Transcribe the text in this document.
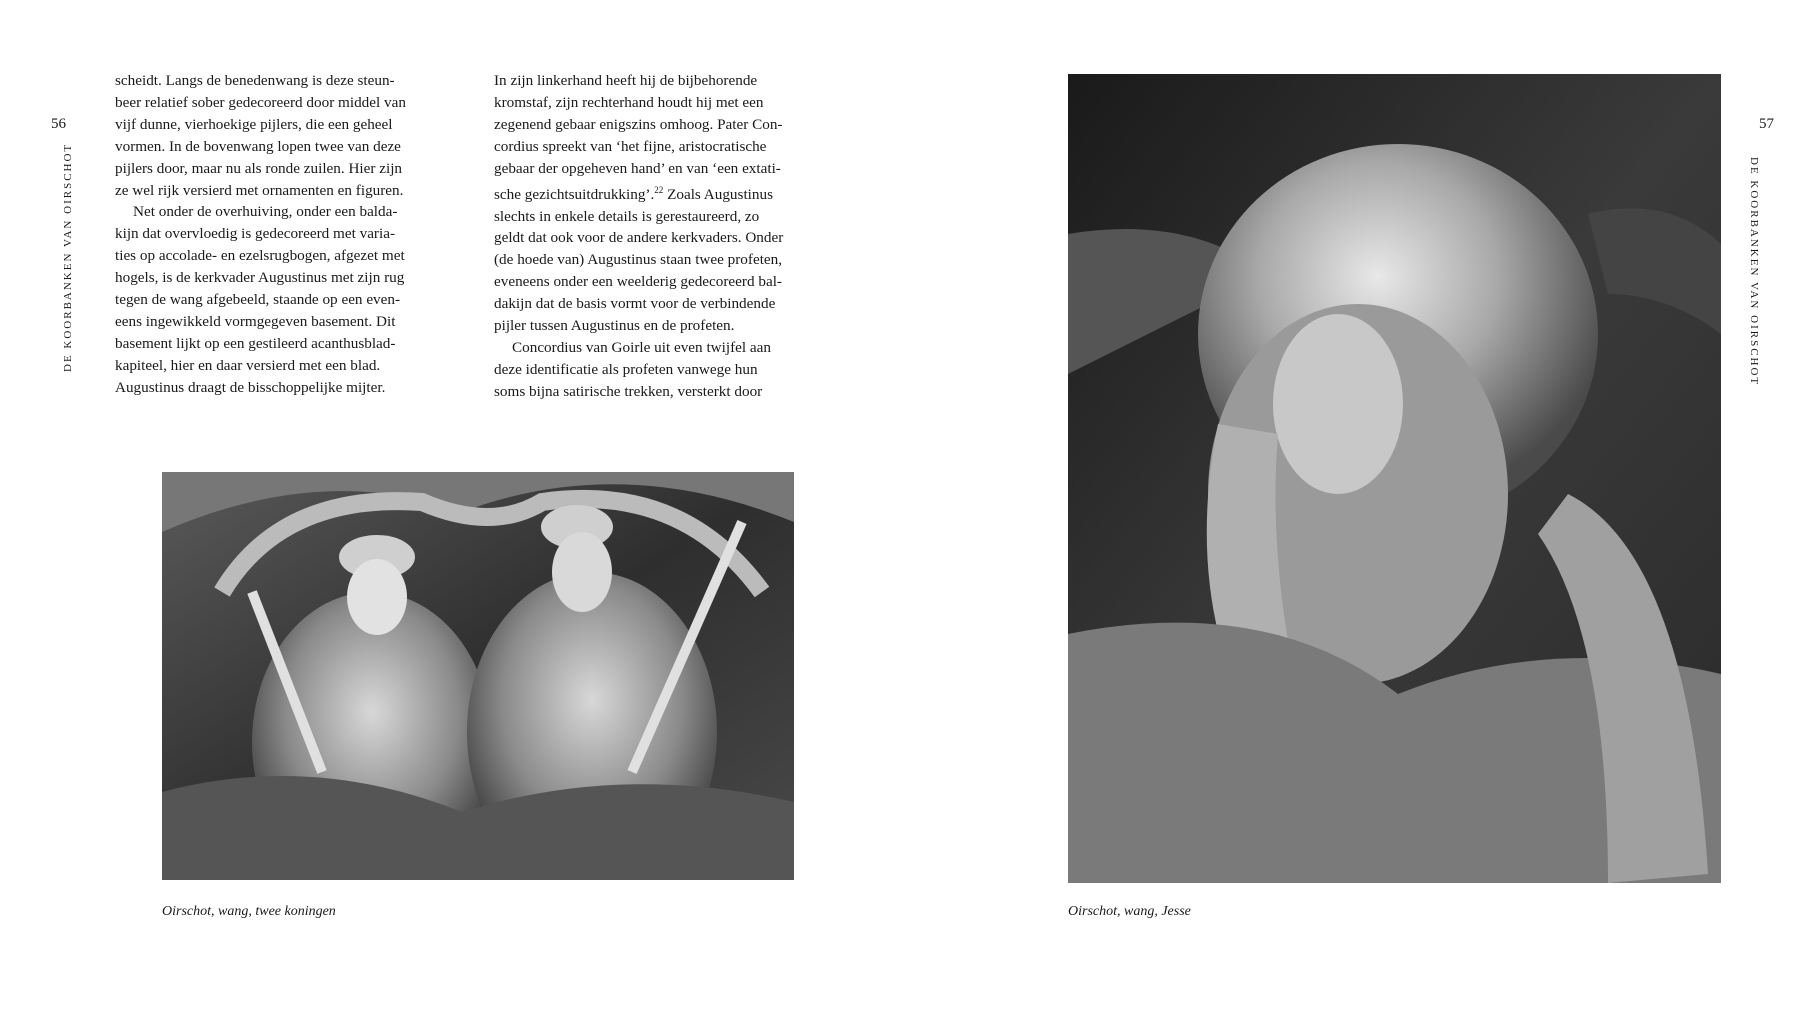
56
DE KOORBANKEN VAN OIRSCHOT

scheidt. Langs de benedenwang is deze steun-
beer relatief sober gedecoreerd door middel van
vijf dunne, vierhoekige pijlers, die een geheel
vormen. In de bovenwang lopen twee van deze
pijlers door, maar nu als ronde zuilen. Hier zijn
ze wel rijk versierd met ornamenten en figuren.

Net onder de overhuiving, onder een balda-
kijn dat overvloedig is gedecoreerd met varia-
ties op accolade- en ezelsrugbogen, afgezet met
hogels, is de kerkvader Augustinus met zijn rug
tegen de wang afgebeeld, staande op een even-
eens ingewikkeld vormgegeven basement. Dit
basement lijkt op een gestileerd acanthusblad-
kapiteel, hier en daar versierd met een blad.
Augustinus draagt de bisschoppelijke mijter.

In zijn linkerhand heeft hij de bijbehorende
kromstaf, zijn rechterhand houdt hij met een
zegenend gebaar enigszins omhoog. Pater Con-
cordius spreekt van ‘het fijne, aristocratische
gebaar der opgeheven hand’ en van ‘een extati-
sche gezichtsuitdrukking’.$^{22}$ Zoals Augustinus
slechts in enkele details is gerestaureerd, zo
geldt dat ook voor de andere kerkvaders. Onder
(de hoede van) Augustinus staan twee profeten,
eveneens onder een weelderig gedecoreerd bal-
dakijn dat de basis vormt voor de verbindende
pijler tussen Augustinus en de profeten.

Concordius van Goirle uit even twijfel aan
deze identificatie als profeten vanwege hun
soms bijna satirische trekken, versterkt door

Oirschot, wang, twee koningen
57
DE KOORBANKEN VAN OIRSCHOT
Oirschot, wang, Jesse
